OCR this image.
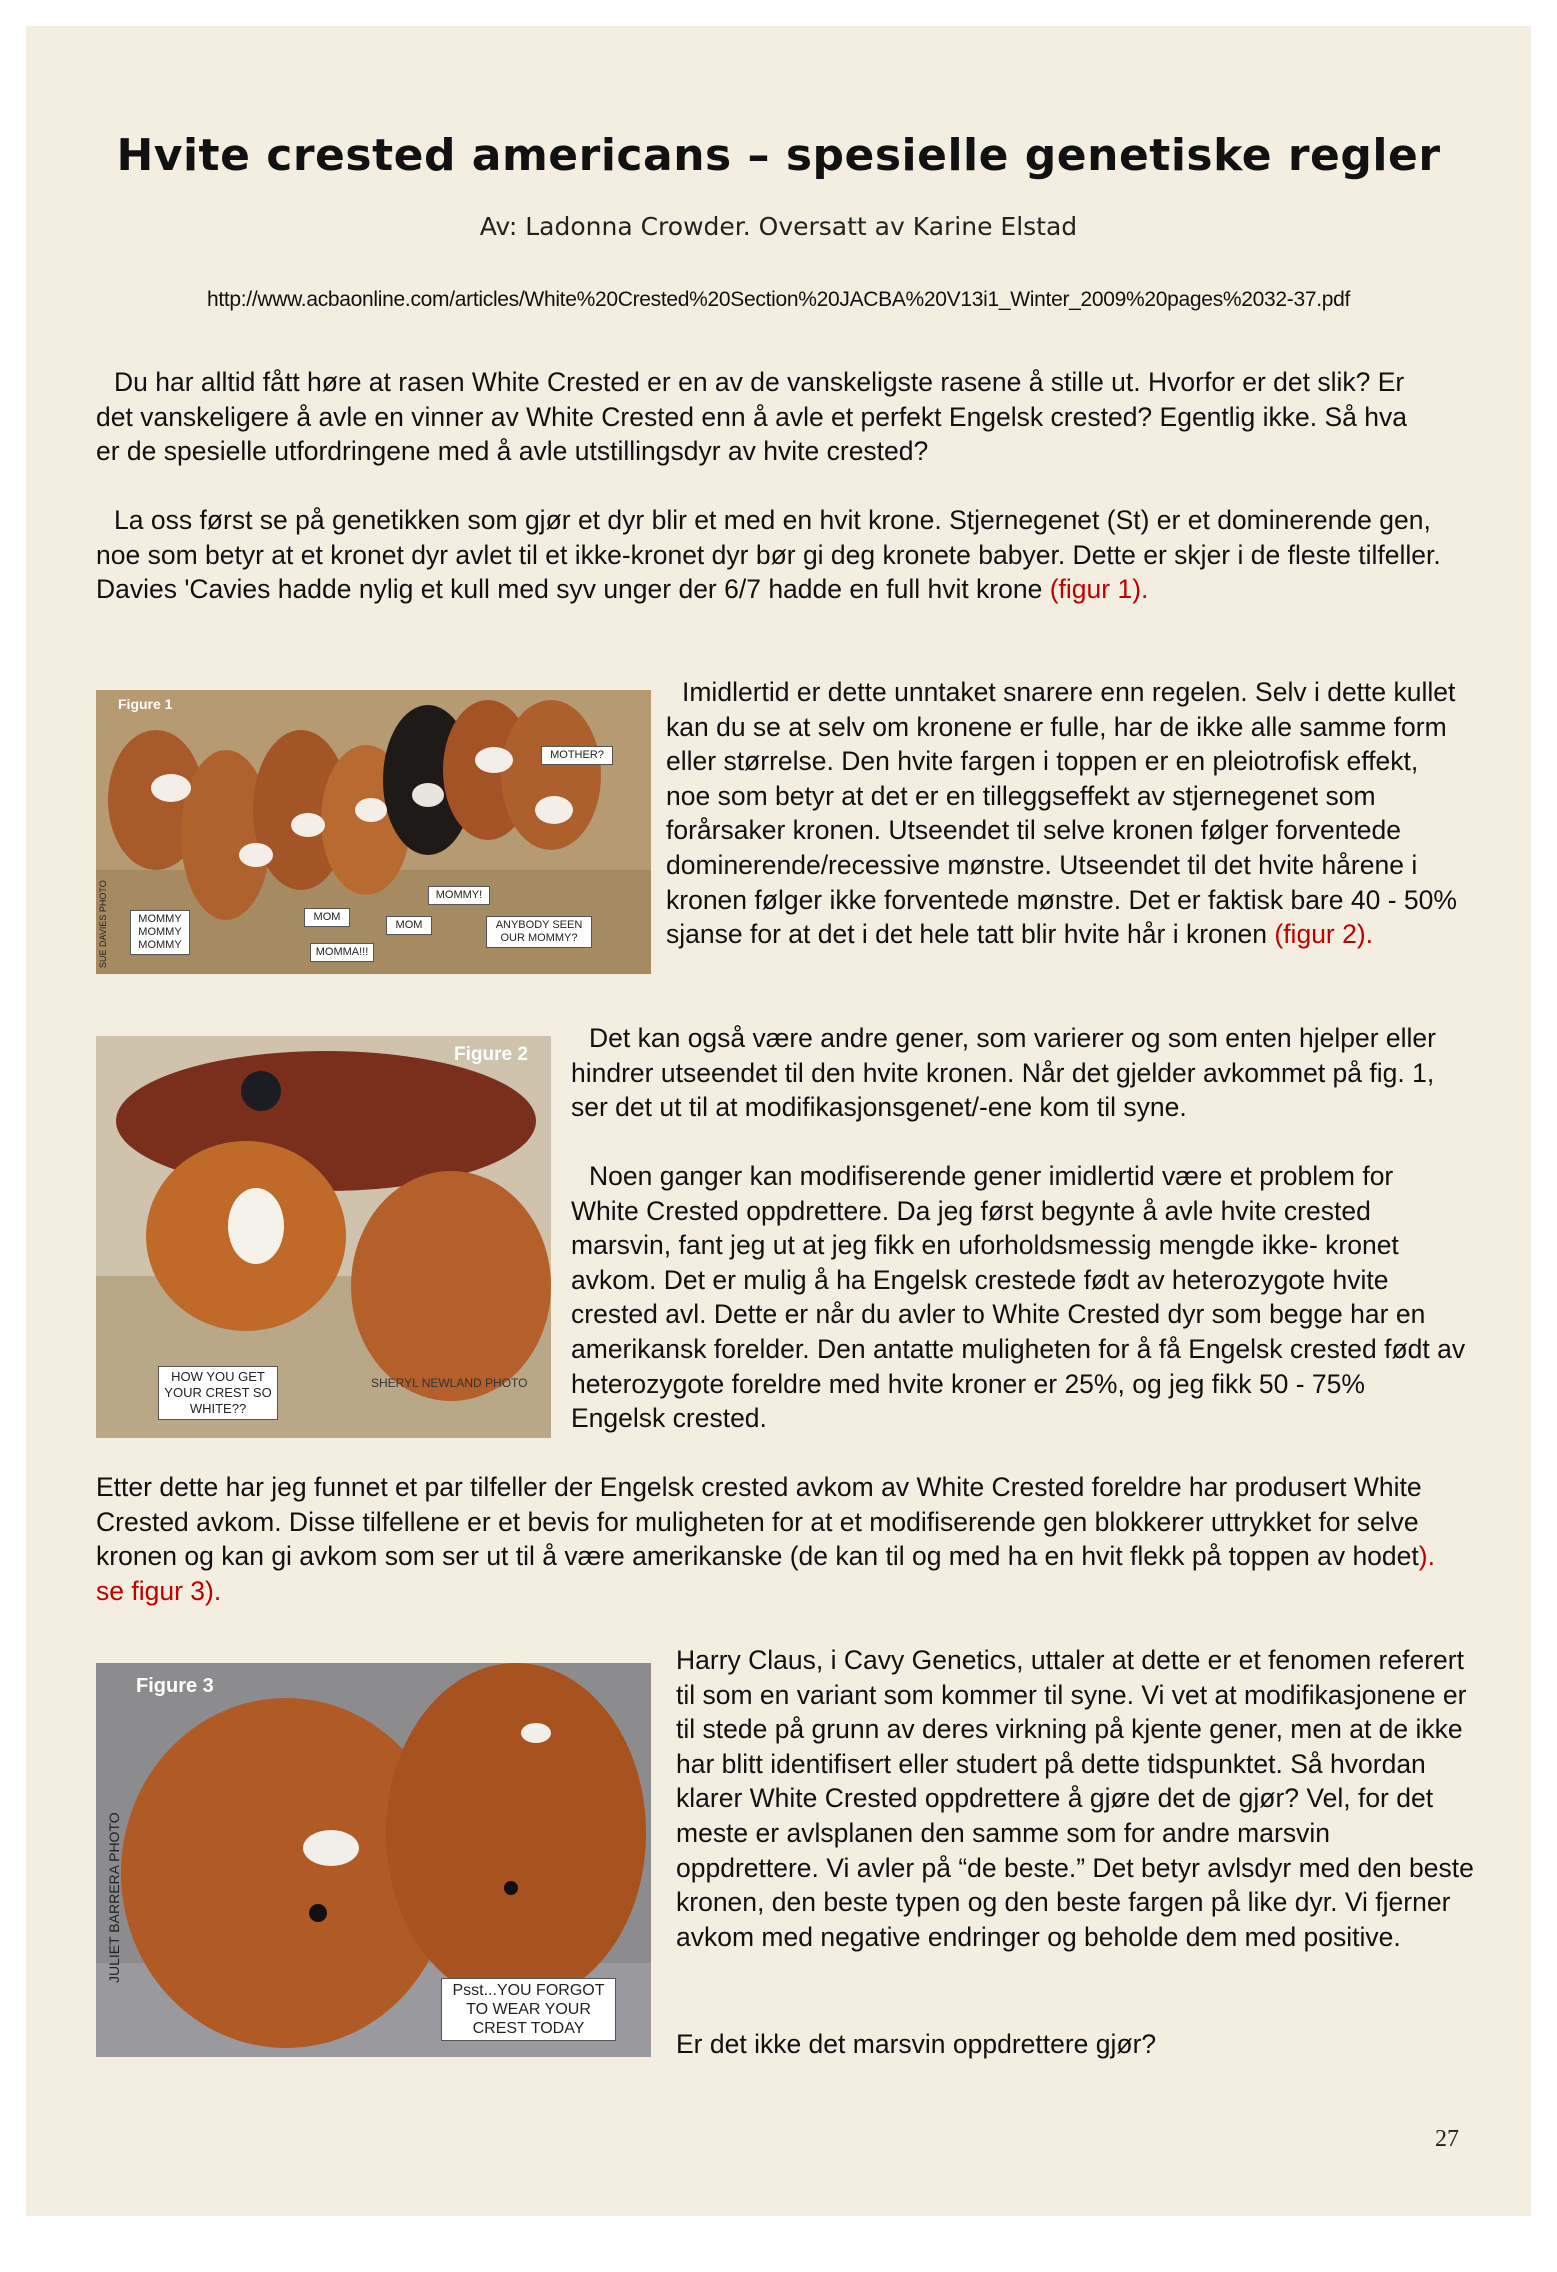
Hvite crested americans – spesielle genetiske regler
Av: Ladonna Crowder. Oversatt av Karine Elstad
http://www.acbaonline.com/articles/White%20Crested%20Section%20JACBA%20V13i1_Winter_2009%20pages%2032-37.pdf

Du har alltid fått høre at rasen White Crested er en av de vanskeligste rasene å stille ut. Hvorfor er det slik? Er det vanskeligere å avle en vinner av White Crested enn å avle et perfekt Engelsk crested? Egentlig ikke. Så hva er de spesielle utfordringene med å avle utstillingsdyr av hvite crested?

La oss først se på genetikken som gjør et dyr blir et med en hvit krone. Stjernegenet (St) er et dominerende gen, noe som betyr at et kronet dyr avlet til et ikke-kronet dyr bør gi deg kronete babyer. Dette er skjer i de fleste tilfeller. Davies 'Cavies hadde nylig et kull med syv unger der 6/7 hadde en full hvit krone (figur 1).

Figure 1
MOTHER?
MOMMY MOMMY MOMMY
MOM
MOMMA!!!
MOM
MOMMY!
ANYBODY SEEN OUR MOMMY?
SUE DAVIES PHOTO

Imidlertid er dette unntaket snarere enn regelen. Selv i dette kullet kan du se at selv om kronene er fulle, har de ikke alle samme form eller størrelse. Den hvite fargen i toppen er en pleiotrofisk effekt, noe som betyr at det er en tilleggseffekt av stjernegenet som forårsaker kronen. Utseendet til selve kronen følger forventede dominerende/recessive mønstre. Utseendet til det hvite hårene i kronen følger ikke forventede mønstre. Det er faktisk bare 40 - 50% sjanse for at det i det hele tatt blir hvite hår i kronen (figur 2).

Figure 2
HOW YOU GET YOUR CREST SO WHITE??
SHERYL NEWLAND PHOTO

Det kan også være andre gener, som varierer og som enten hjelper eller hindrer utseendet til den hvite kronen. Når det gjelder avkommet på fig. 1, ser det ut til at modifikasjonsgenet/-ene kom til syne.

Noen ganger kan modifiserende gener imidlertid være et problem for White Crested oppdrettere. Da jeg først begynte å avle hvite crested marsvin, fant jeg ut at jeg fikk en uforholdsmessig mengde ikke- kronet avkom. Det er mulig å ha Engelsk crestede født av heterozygote hvite crested avl. Dette er når du avler to White Crested dyr som begge har en amerikansk forelder. Den antatte muligheten for å få Engelsk crested født av heterozygote foreldre med hvite kroner er 25%, og jeg fikk 50 - 75% Engelsk crested.

Etter dette har jeg funnet et par tilfeller der Engelsk crested avkom av White Crested foreldre har produsert White Crested avkom. Disse tilfellene er et bevis for muligheten for at et modifiserende gen blokkerer uttrykket for selve kronen og kan gi avkom som ser ut til å være amerikanske (de kan til og med ha en hvit flekk på toppen av hodet). se figur 3).

Figure 3
Psst...YOU FORGOT TO WEAR YOUR CREST TODAY
JULIET BARRERA PHOTO

Harry Claus, i Cavy Genetics, uttaler at dette er et fenomen referert til som en variant som kommer til syne. Vi vet at modifikasjonene er til stede på grunn av deres virkning på kjente gener, men at de ikke har blitt identifisert eller studert på dette tidspunktet. Så hvordan klarer White Crested oppdrettere å gjøre det de gjør? Vel, for det meste er avlsplanen den samme som for andre marsvin oppdrettere. Vi avler på “de beste.” Det betyr avlsdyr med den beste kronen, den beste typen og den beste fargen på like dyr. Vi fjerner avkom med negative endringer og beholde dem med positive.

Er det ikke det marsvin oppdrettere gjør?

27
